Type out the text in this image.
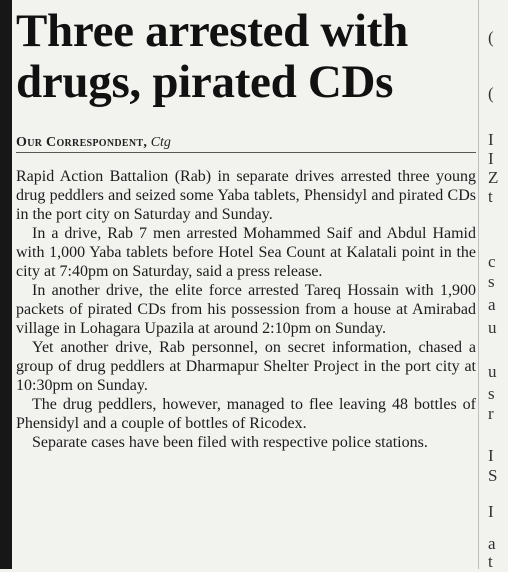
Three arrested with drugs, pirated CDs
Our Correspondent, Ctg

Rapid Action Battalion (Rab) in separate drives arrested three young drug peddlers and seized some Yaba tablets, Phensidyl and pirated CDs in the port city on Saturday and Sunday.

In a drive, Rab 7 men arrested Mohammed Saif and Abdul Hamid with 1,000 Yaba tablets before Hotel Sea Count at Kalatali point in the city at 7:40pm on Saturday, said a press release.

In another drive, the elite force arrested Tareq Hossain with 1,900 packets of pirated CDs from his possession from a house at Amirabad village in Lohagara Upazila at around 2:10pm on Sunday.

Yet another drive, Rab personnel, on secret information, chased a group of drug peddlers at Dharmapur Shelter Project in the port city at 10:30pm on Sunday.

The drug peddlers, however, managed to flee leaving 48 bottles of Phensidyl and a couple of bottles of Ricodex.

Separate cases have been filed with respective police stations.

(
(
I
I
Z
t
c
s
a
u
u
s
r
I
S
I
a
t
